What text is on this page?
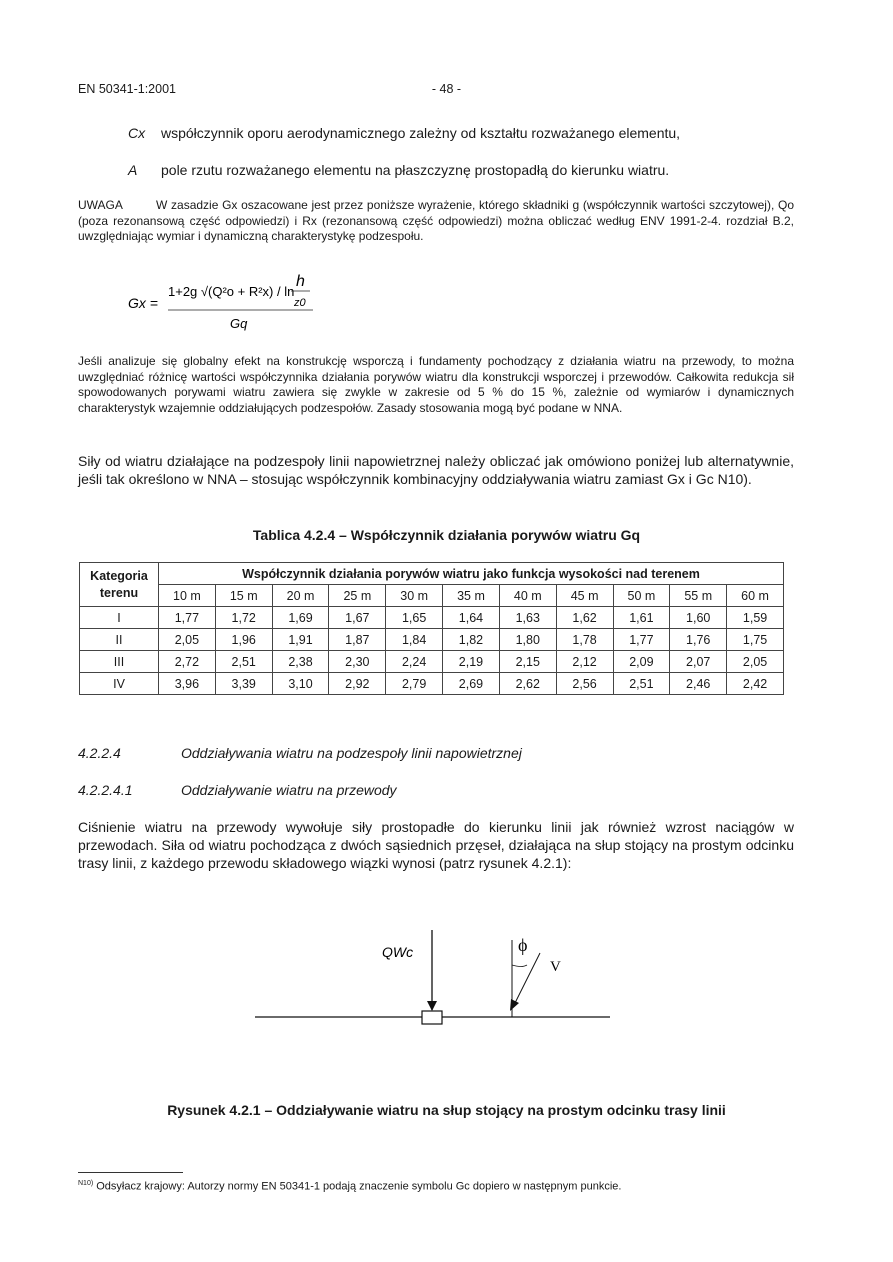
EN 50341-1:2001	- 48 -
Cx współczynnik oporu aerodynamicznego zależny od kształtu rozważanego elementu,
A pole rzutu rozważanego elementu na płaszczyznę prostopadłą do kierunku wiatru.
UWAGA	W zasadzie Gx oszacowane jest przez poniższe wyrażenie, którego składniki g (współczynnik wartości szczytowej), Qo (poza rezonansową część odpowiedzi) i Rx (rezonansową część odpowiedzi) można obliczać według ENV 1991-2-4. rozdział B.2, uwzględniając wymiar i dynamiczną charakterystykę podzespołu.
Gx =
1+2g √(Q²o + R²x) / ln
h
z0
Gq
Jeśli analizuje się globalny efekt na konstrukcję wsporczą i fundamenty pochodzący z działania wiatru na przewody, to można uwzględniać różnicę wartości współczynnika działania porywów wiatru dla konstrukcji wsporczej i przewodów. Całkowita redukcja sił spowodowanych porywami wiatru zawiera się zwykle w zakresie od 5 % do 15 %, zależnie od wymiarów i dynamicznych charakterystyk wzajemnie oddziałujących podzespołów. Zasady stosowania mogą być podane w NNA.
Siły od wiatru działające na podzespoły linii napowietrznej należy obliczać jak omówiono poniżej lub alternatywnie, jeśli tak określono w NNA – stosując współczynnik kombinacyjny oddziaływania wiatru zamiast Gx i Gc N10).
Tablica 4.2.4 – Współczynnik działania porywów wiatru Gq
Kategoria terenu	Współczynnik działania porywów wiatru jako funkcja wysokości nad terenem										
	10 m	15 m	20 m	25 m	30 m	35 m	40 m	45 m	50 m	55 m	60 m
I	1,77	1,72	1,69	1,67	1,65	1,64	1,63	1,62	1,61	1,60	1,59
II	2,05	1,96	1,91	1,87	1,84	1,82	1,80	1,78	1,77	1,76	1,75
III	2,72	2,51	2,38	2,30	2,24	2,19	2,15	2,12	2,09	2,07	2,05
IV	3,96	3,39	3,10	2,92	2,79	2,69	2,62	2,56	2,51	2,46	2,42
4.2.2.4	Oddziaływania wiatru na podzespoły linii napowietrznej
4.2.2.4.1	Oddziaływanie wiatru na przewody
Ciśnienie wiatru na przewody wywołuje siły prostopadłe do kierunku linii jak również wzrost naciągów w przewodach. Siła od wiatru pochodząca z dwóch sąsiednich przęseł, działająca na słup stojący na prostym odcinku trasy linii, z każdego przewodu składowego wiązki wynosi (patrz rysunek 4.2.1):
QWc	ϕ
V
Rysunek 4.2.1 – Oddziaływanie wiatru na słup stojący na prostym odcinku trasy linii
$^{N10)}$ Odsyłacz krajowy: Autorzy normy EN 50341-1 podają znaczenie symbolu Gc dopiero w następnym punkcie.
